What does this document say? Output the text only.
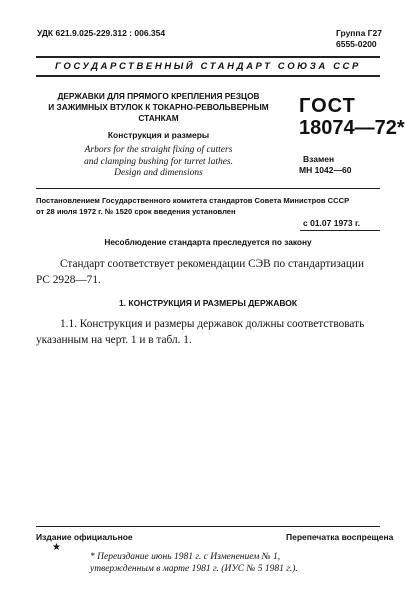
УДК 621.9.025-229.312 : 006.354	Группа Г27
6555-0200
ГОСУДАРСТВЕННЫЙ СТАНДАРТ СОЮЗА ССР
ДЕРЖАВКИ ДЛЯ ПРЯМОГО КРЕПЛЕНИЯ РЕЗЦОВ
И ЗАЖИМНЫХ ВТУЛОК К ТОКАРНО-РЕВОЛЬВЕРНЫМ
СТАНКАМ
Конструкция и размеры
Arbors for the straight fixing of cutters
and clamping bushing for turret lathes.
Design and dimensions
ГОСТ
18074—72*
Взамен
МН 1042—60
Постановлением Государственного комитета стандартов Совета Министров СССР
от 28 июля 1972 г. № 1520 срок введения установлен
с 01.07 1973 г.
Несоблюдение стандарта преследуется по закону
Стандарт соответствует рекомендации СЭВ по стандартизации
РС 2928—71.
1. КОНСТРУКЦИЯ И РАЗМЕРЫ ДЕРЖАВОК
1.1. Конструкция и размеры державок должны соответствовать
указанным на черт. 1 и в табл. 1.
Издание официальное	Перепечатка воспрещена
★
* Переиздание июнь 1981 г. с Изменением № 1,
утвержденным в марте 1981 г. (ИУС № 5 1981 г.).
